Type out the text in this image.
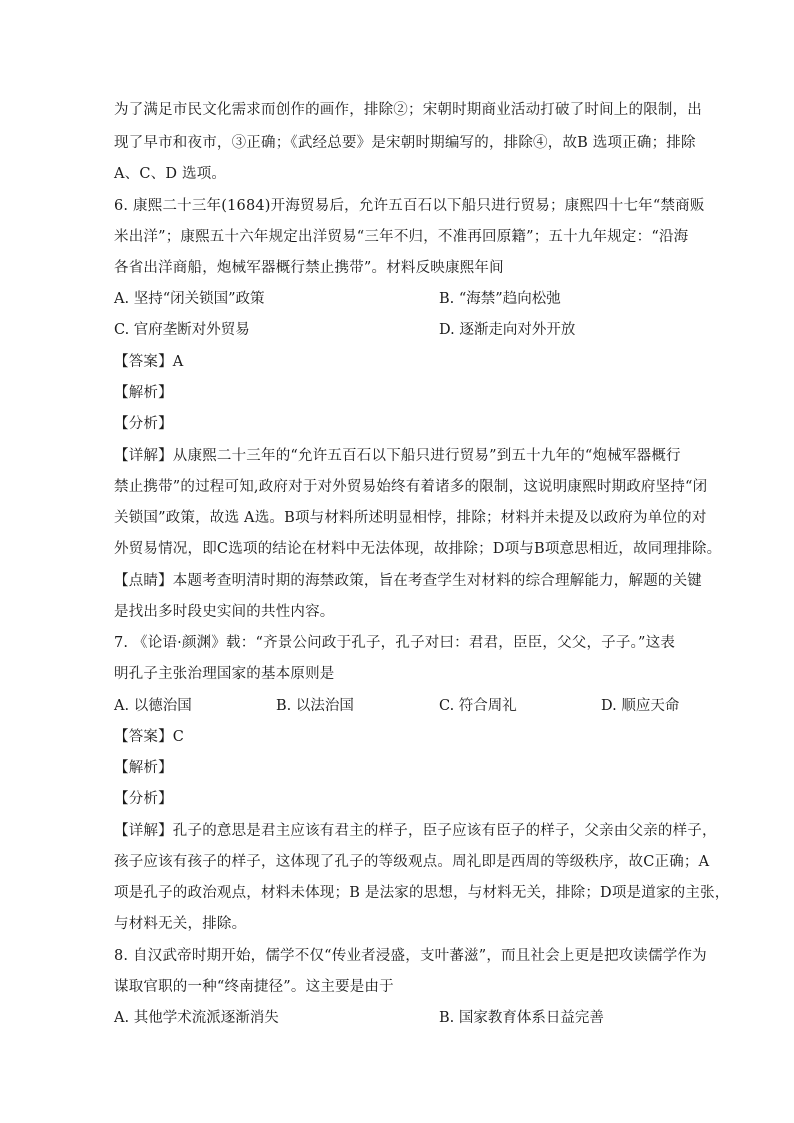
为了满足市民文化需求而创作的画作，排除②；宋朝时期商业活动打破了时间上的限制，出
现了早市和夜市，③正确；《武经总要》是宋朝时期编写的，排除④，故B 选项正确；排除
A、C、D 选项。
6. 康熙二十三年(1684)开海贸易后，允许五百石以下船只进行贸易；康熙四十七年“禁商贩
米出洋”；康熙五十六年规定出洋贸易“三年不归，不准再回原籍”；五十九年规定：“沿海
各省出洋商船，炮械军器概行禁止携带”。材料反映康熙年间
A. 坚持“闭关锁国”政策	B. “海禁”趋向松弛
C. 官府垄断对外贸易	D. 逐渐走向对外开放
【答案】A
【解析】
【分析】
【详解】从康熙二十三年的“允许五百石以下船只进行贸易”到五十九年的“炮械军器概行
禁止携带”的过程可知,政府对于对外贸易始终有着诸多的限制，这说明康熙时期政府坚持“闭
关锁国”政策，故选 A选。B项与材料所述明显相悖，排除；材料并未提及以政府为单位的对
外贸易情况，即C选项的结论在材料中无法体现，故排除；D项与B项意思相近，故同理排除。
【点睛】本题考查明清时期的海禁政策，旨在考查学生对材料的综合理解能力，解题的关键
是找出多时段史实间的共性内容。
7. 《论语·颜渊》载：“齐景公问政于孔子，孔子对曰：君君，臣臣，父父，子子。”这表
明孔子主张治理国家的基本原则是
A. 以德治国	B. 以法治国	C. 符合周礼	D. 顺应天命
【答案】C
【解析】
【分析】
【详解】孔子的意思是君主应该有君主的样子，臣子应该有臣子的样子，父亲由父亲的样子，
孩子应该有孩子的样子，这体现了孔子的等级观点。周礼即是西周的等级秩序，故C正确；A
项是孔子的政治观点，材料未体现；B 是法家的思想，与材料无关，排除；D项是道家的主张，
与材料无关，排除。
8. 自汉武帝时期开始，儒学不仅“传业者浸盛，支叶蕃滋”，而且社会上更是把攻读儒学作为
谋取官职的一种“终南捷径”。这主要是由于
A. 其他学术流派逐渐消失	B. 国家教育体系日益完善
